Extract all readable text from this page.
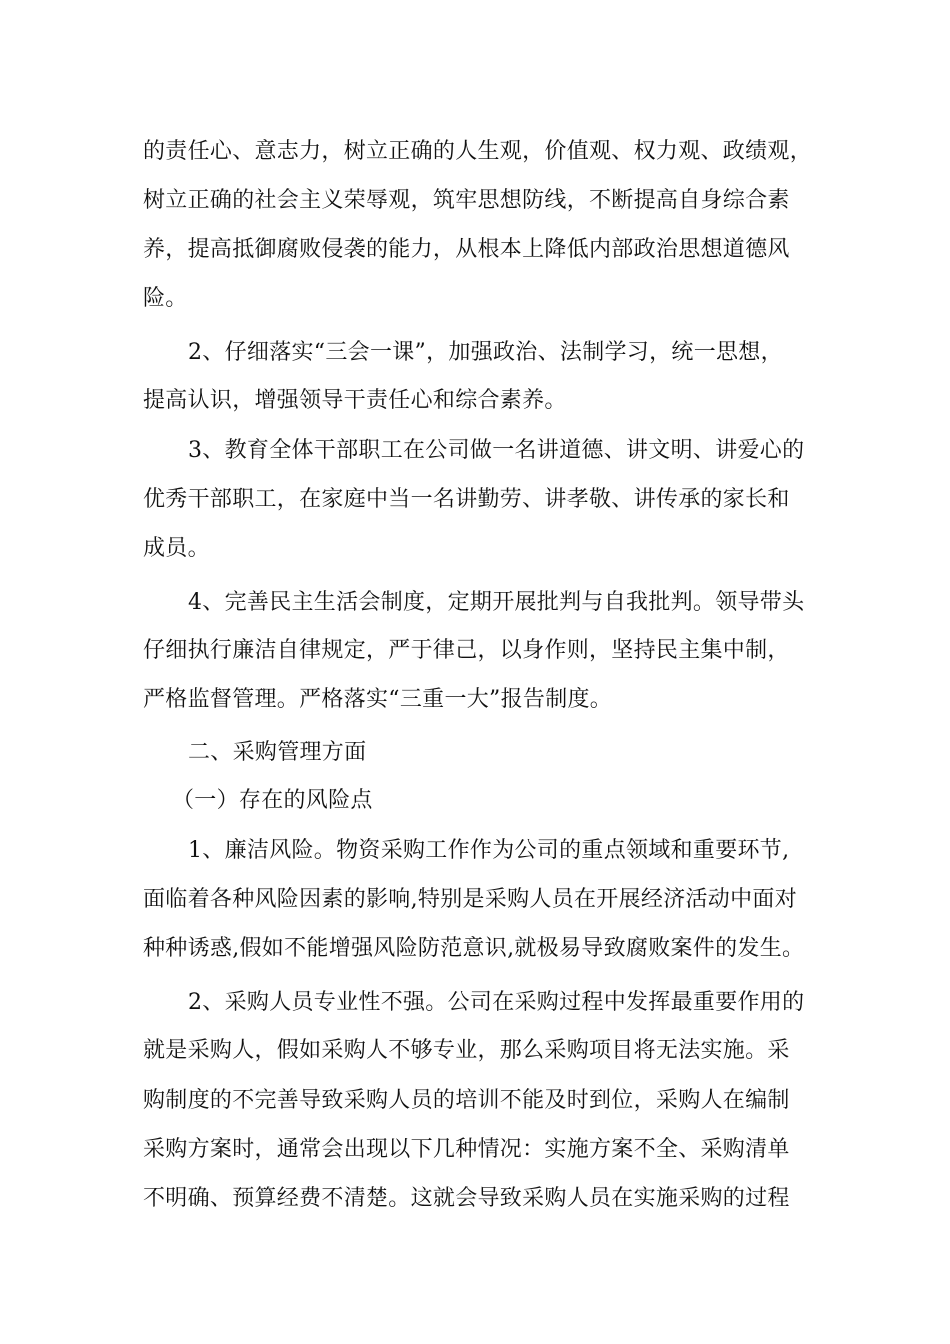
的责任心、意志力，树立正确的人生观，价值观、权力观、政绩观，
树立正确的社会主义荣辱观，筑牢思想防线，不断提高自身综合素
养，提高抵御腐败侵袭的能力，从根本上降低内部政治思想道德风
险。
2、仔细落实“三会一课”，加强政治、法制学习，统一思想，
提高认识，增强领导干责任心和综合素养。
3、教育全体干部职工在公司做一名讲道德、讲文明、讲爱心的
优秀干部职工，在家庭中当一名讲勤劳、讲孝敬、讲传承的家长和
成员。
4、完善民主生活会制度，定期开展批判与自我批判。领导带头
仔细执行廉洁自律规定，严于律己，以身作则，坚持民主集中制，
严格监督管理。严格落实“三重一大”报告制度。
二、采购管理方面
（一）存在的风险点
1、廉洁风险。物资采购工作作为公司的重点领域和重要环节,
面临着各种风险因素的影响,特别是采购人员在开展经济活动中面对
种种诱惑,假如不能增强风险防范意识,就极易导致腐败案件的发生。
2、采购人员专业性不强。公司在采购过程中发挥最重要作用的
就是采购人，假如采购人不够专业，那么采购项目将无法实施。采
购制度的不完善导致采购人员的培训不能及时到位，采购人在编制
采购方案时，通常会出现以下几种情况：实施方案不全、采购清单
不明确、预算经费不清楚。这就会导致采购人员在实施采购的过程
